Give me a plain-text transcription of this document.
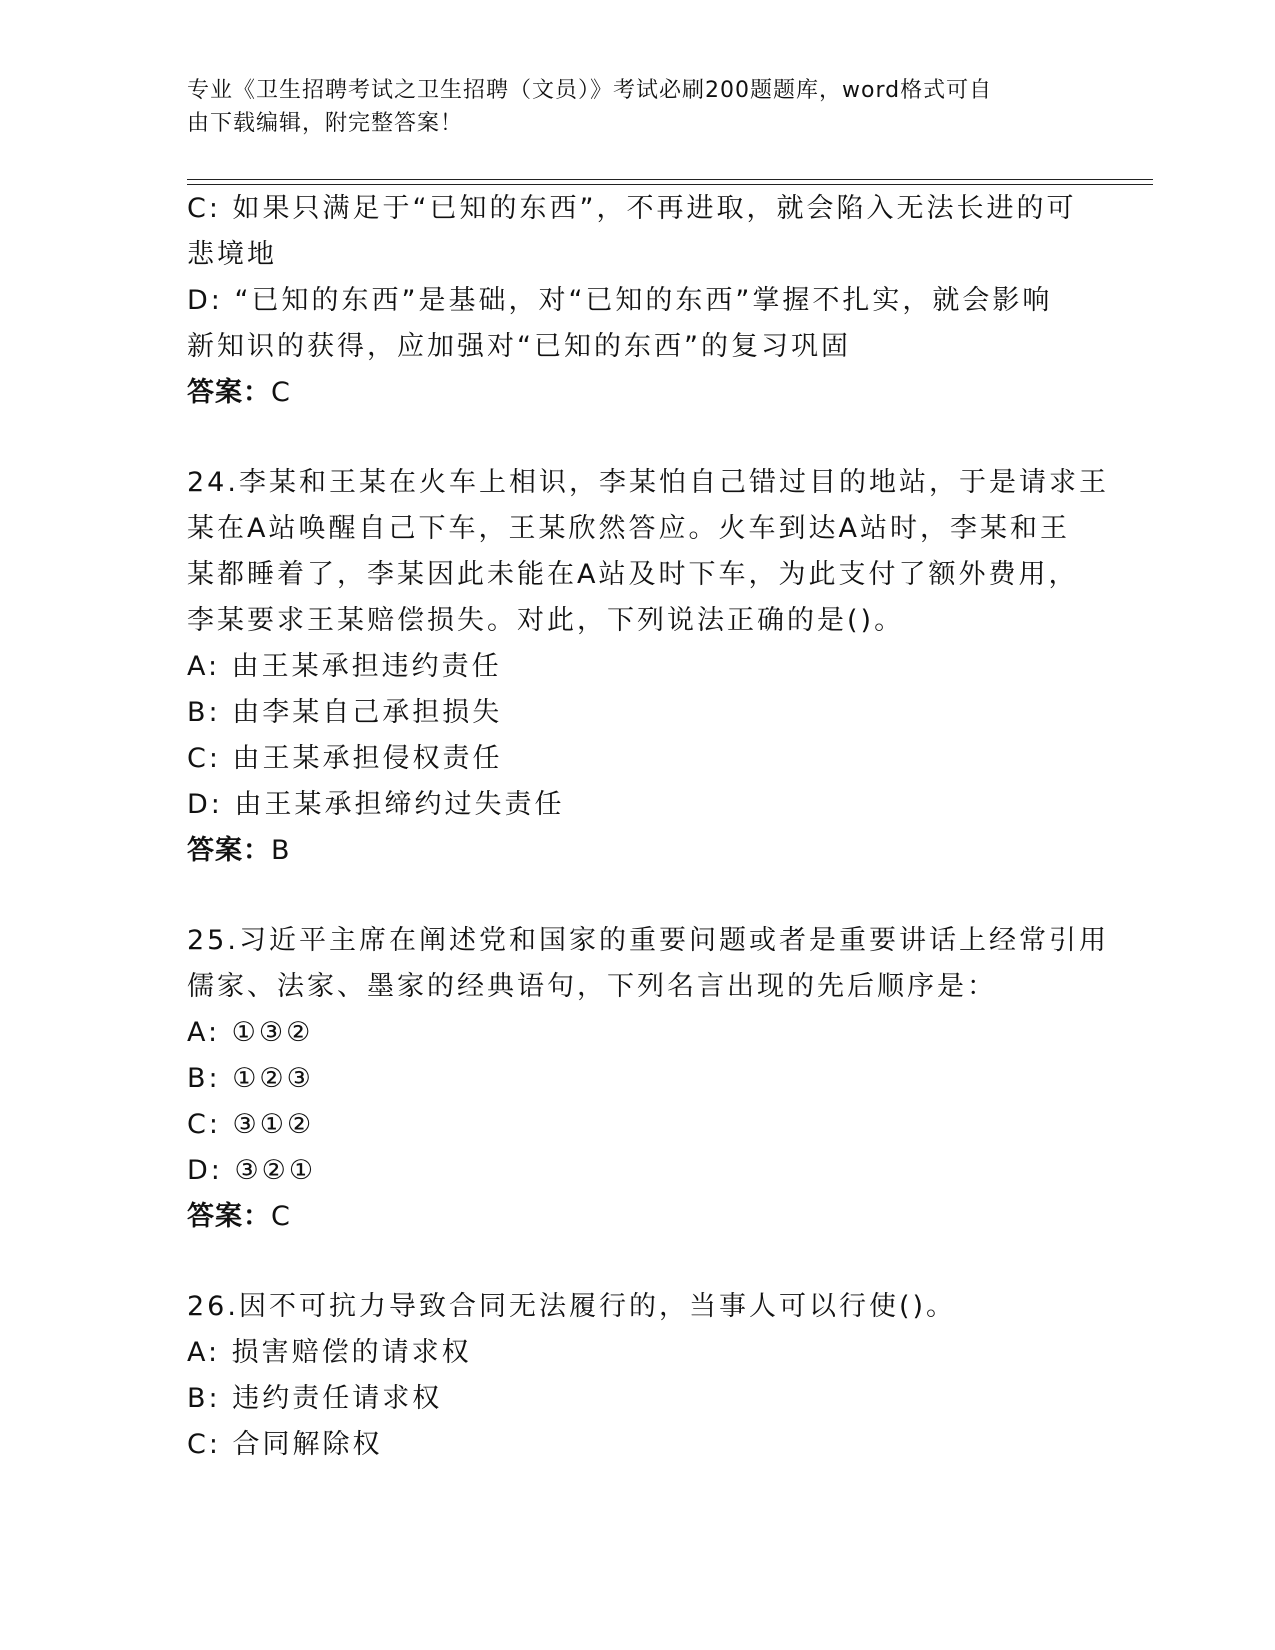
专业《卫生招聘考试之卫生招聘（文员）》考试必刷200题题库，word格式可自
由下载编辑，附完整答案！
C: 如果只满足于“已知的东西”，不再进取，就会陷入无法长进的可
悲境地
D: “已知的东西”是基础，对“已知的东西”掌握不扎实，就会影响
新知识的获得，应加强对“已知的东西”的复习巩固
答案：C
24.李某和王某在火车上相识，李某怕自己错过目的地站，于是请求王
某在A站唤醒自己下车，王某欣然答应。火车到达A站时，李某和王
某都睡着了，李某因此未能在A站及时下车，为此支付了额外费用，
李某要求王某赔偿损失。对此，下列说法正确的是()。
A: 由王某承担违约责任
B: 由李某自己承担损失
C: 由王某承担侵权责任
D: 由王某承担缔约过失责任
答案：B
25.习近平主席在阐述党和国家的重要问题或者是重要讲话上经常引用
儒家、法家、墨家的经典语句，下列名言出现的先后顺序是：
A: ①③②
B: ①②③
C: ③①②
D: ③②①
答案：C
26.因不可抗力导致合同无法履行的，当事人可以行使()。
A: 损害赔偿的请求权
B: 违约责任请求权
C: 合同解除权
